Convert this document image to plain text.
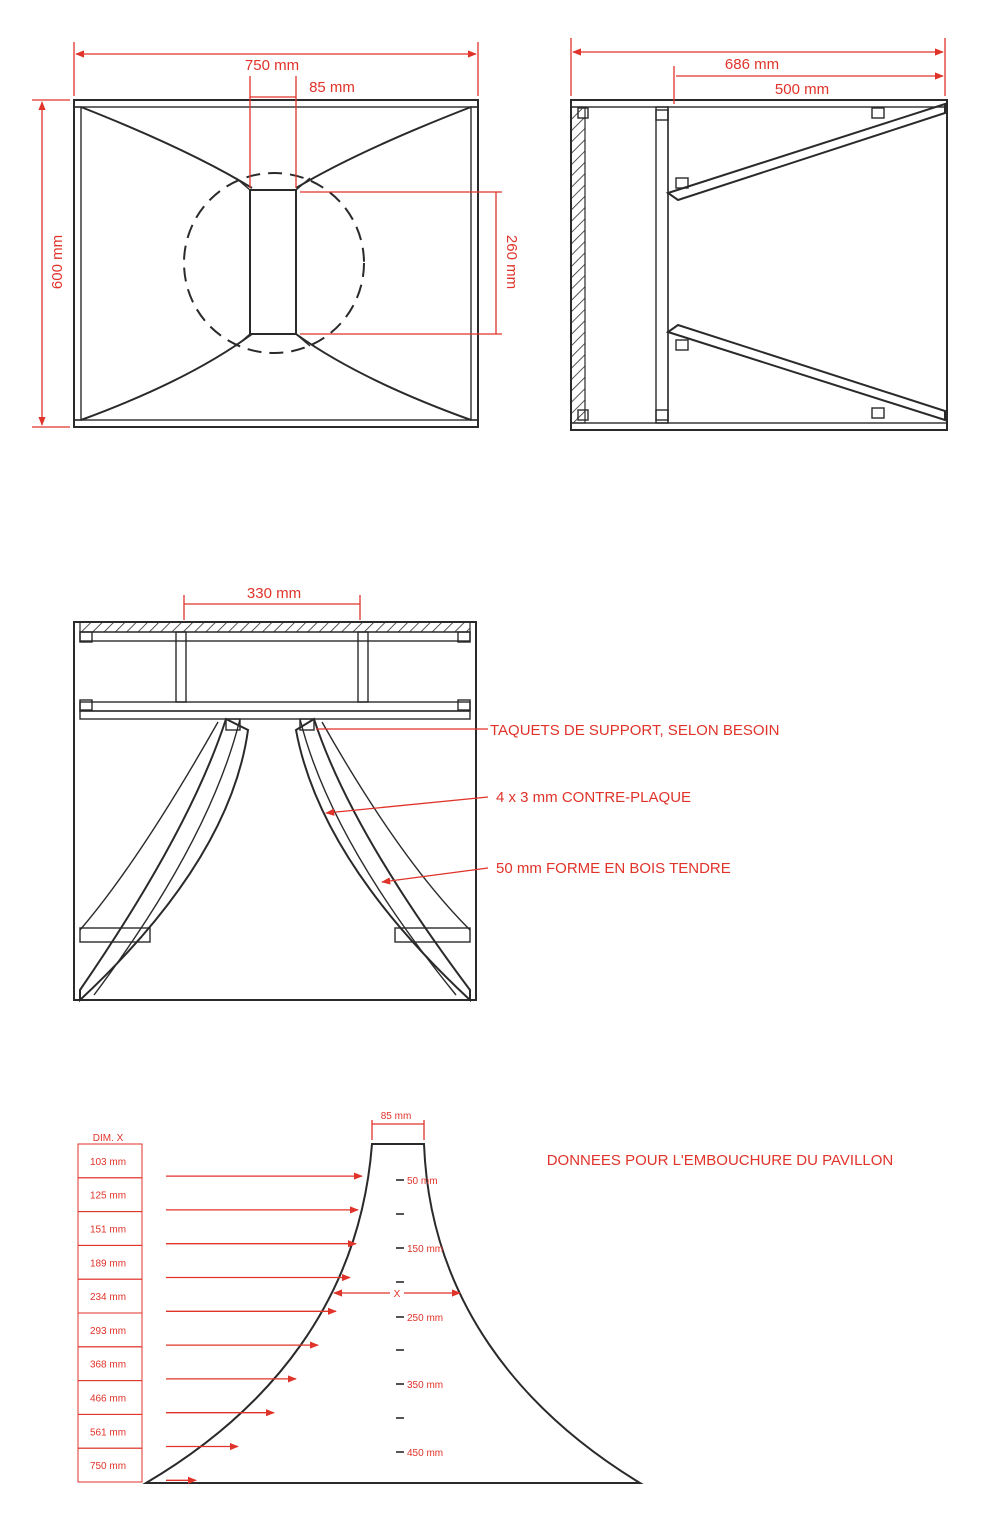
750 mm
85 mm
600 mm	260 mm
686 mm
500 mm
330 mm
TAQUETS DE SUPPORT, SELON BESOIN
4 x 3 mm CONTRE-PLAQUE
50 mm FORME EN BOIS TENDRE
DONNEES POUR L'EMBOUCHURE DU PAVILLON
85 mm
DIM. X
103 mm
125 mm
151 mm
189 mm
234 mm
293 mm
368 mm
466 mm
561 mm
750 mm
50 mm
150 mm
250 mm
350 mm
450 mm
X
